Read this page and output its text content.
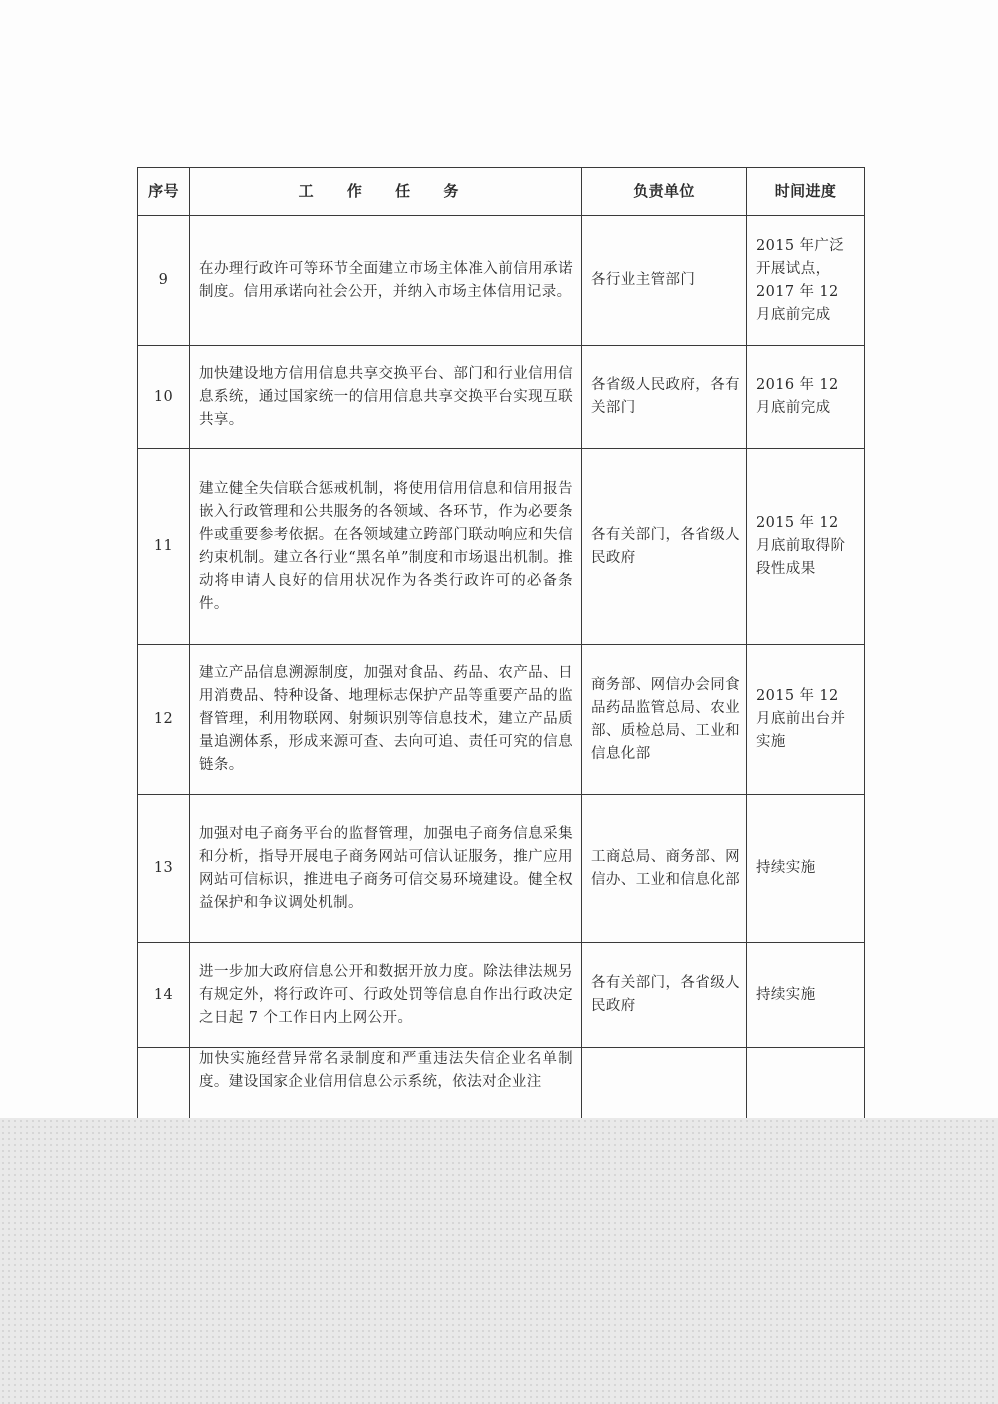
序号	工 作 任 务	负责单位	时间进度
9	在办理行政许可等环节全面建立市场主体准入前信用承诺制度。信用承诺向社会公开，并纳入市场主体信用记录。	各行业主管部门	2015 年广泛开展试点，2017 年 12 月底前完成
10	加快建设地方信用信息共享交换平台、部门和行业信用信息系统，通过国家统一的信用信息共享交换平台实现互联共享。	各省级人民政府，各有关部门	2016 年 12 月底前完成
11	建立健全失信联合惩戒机制，将使用信用信息和信用报告嵌入行政管理和公共服务的各领域、各环节，作为必要条件或重要参考依据。在各领域建立跨部门联动响应和失信约束机制。建立各行业“黑名单”制度和市场退出机制。推动将申请人良好的信用状况作为各类行政许可的必备条件。	各有关部门，各省级人民政府	2015 年 12 月底前取得阶段性成果
12	建立产品信息溯源制度，加强对食品、药品、农产品、日用消费品、特种设备、地理标志保护产品等重要产品的监督管理，利用物联网、射频识别等信息技术，建立产品质量追溯体系，形成来源可查、去向可追、责任可究的信息链条。	商务部、网信办会同食品药品监管总局、农业部、质检总局、工业和信息化部	2015 年 12 月底前出台并实施
13	加强对电子商务平台的监督管理，加强电子商务信息采集和分析，指导开展电子商务网站可信认证服务，推广应用网站可信标识，推进电子商务可信交易环境建设。健全权益保护和争议调处机制。	工商总局、商务部、网信办、工业和信息化部	持续实施
14	进一步加大政府信息公开和数据开放力度。除法律法规另有规定外，将行政许可、行政处罚等信息自作出行政决定之日起 7 个工作日内上网公开。	各有关部门，各省级人民政府	持续实施
	加快实施经营异常名录制度和严重违法失信企业名单制度。建设国家企业信用信息公示系统，依法对企业注		
